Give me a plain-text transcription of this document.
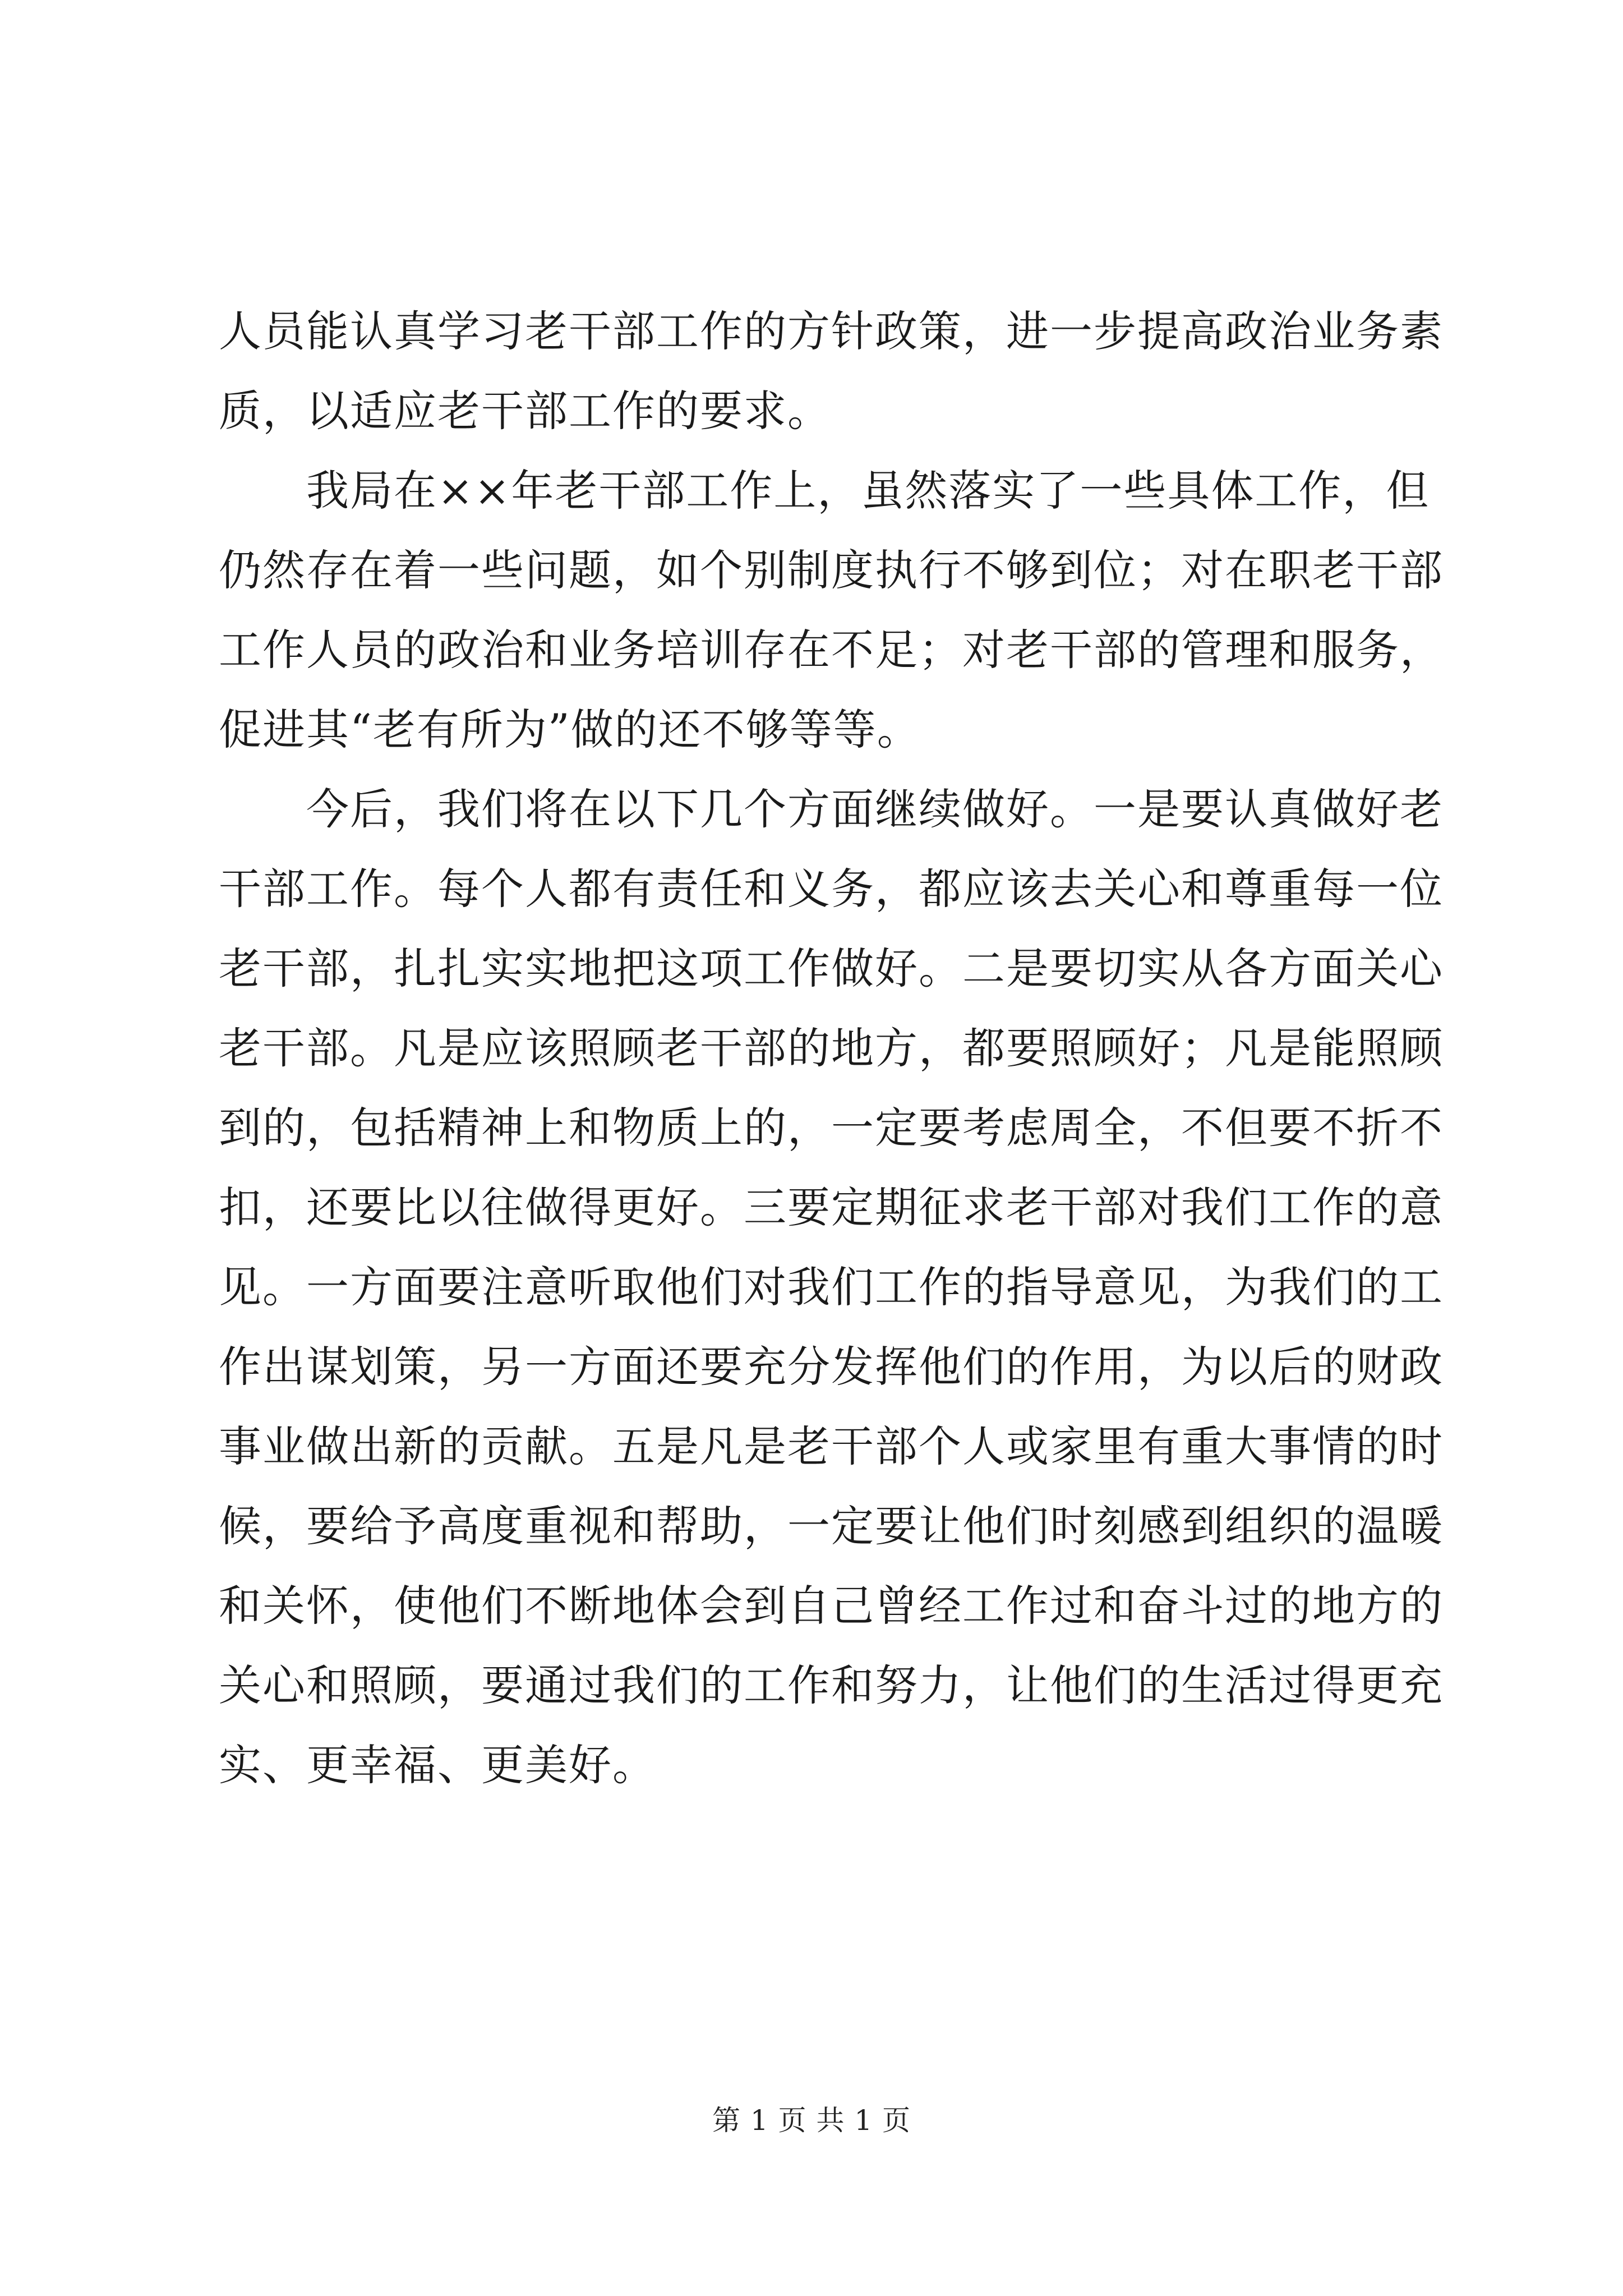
人员能认真学习老干部工作的方针政策，进一步提高政治业务素
质，以适应老干部工作的要求。
　　我局在××年老干部工作上，虽然落实了一些具体工作，但
仍然存在着一些问题，如个别制度执行不够到位；对在职老干部
工作人员的政治和业务培训存在不足；对老干部的管理和服务，
促进其“老有所为”做的还不够等等。
　　今后，我们将在以下几个方面继续做好。一是要认真做好老
干部工作。每个人都有责任和义务，都应该去关心和尊重每一位
老干部，扎扎实实地把这项工作做好。二是要切实从各方面关心
老干部。凡是应该照顾老干部的地方，都要照顾好；凡是能照顾
到的，包括精神上和物质上的，一定要考虑周全，不但要不折不
扣，还要比以往做得更好。三要定期征求老干部对我们工作的意
见。一方面要注意听取他们对我们工作的指导意见，为我们的工
作出谋划策，另一方面还要充分发挥他们的作用，为以后的财政
事业做出新的贡献。五是凡是老干部个人或家里有重大事情的时
候，要给予高度重视和帮助，一定要让他们时刻感到组织的温暖
和关怀，使他们不断地体会到自己曾经工作过和奋斗过的地方的
关心和照顾，要通过我们的工作和努力，让他们的生活过得更充
实、更幸福、更美好。
第 1 页 共 1 页
